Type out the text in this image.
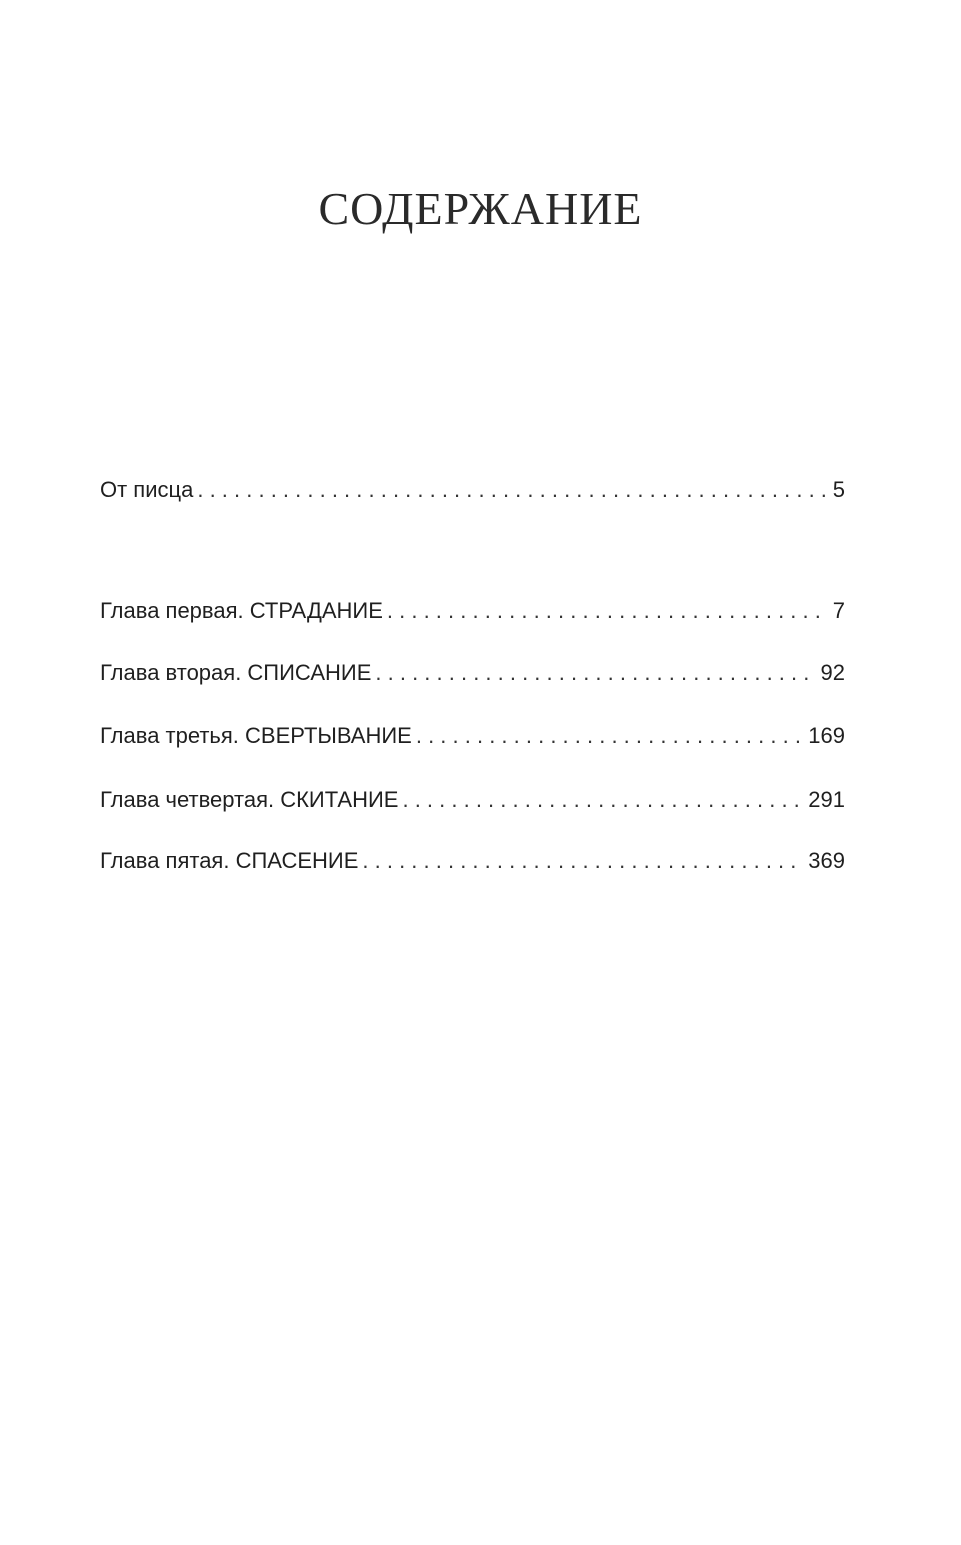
СОДЕРЖАНИЕ
От писца . . .	5
Глава первая. СТРАДАНИЕ . . .	7
Глава вторая. СПИСАНИЕ . . .	92
Глава третья. СВЕРТЫВАНИЕ . . .	169
Глава четвертая. СКИТАНИЕ . . .	291
Глава пятая. СПАСЕНИЕ . . .	369
